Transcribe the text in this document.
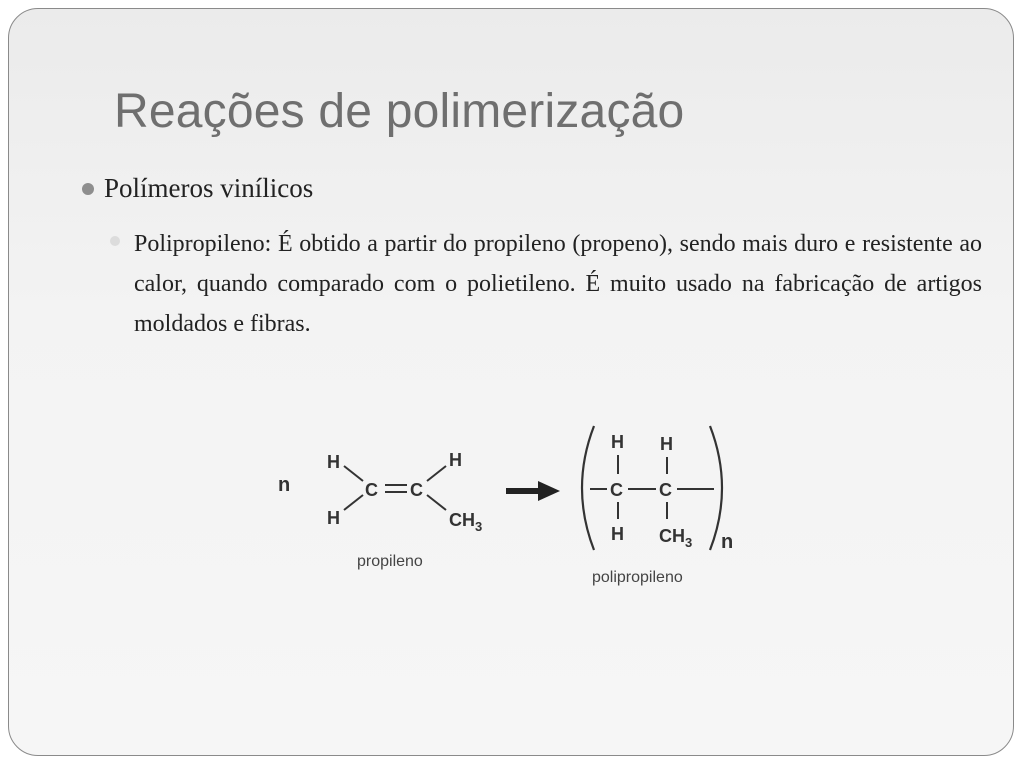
Reações de polimerização
Polímeros vinílicos
Polipropileno: É obtido a partir do propileno (propeno), sendo mais duro e resistente ao calor, quando comparado com o polietileno. É muito usado na fabricação de artigos moldados e fibras.
n
H
H
C C
H
$CH_3$
propileno
C C
H H
H $CH_3$ n
polipropileno
